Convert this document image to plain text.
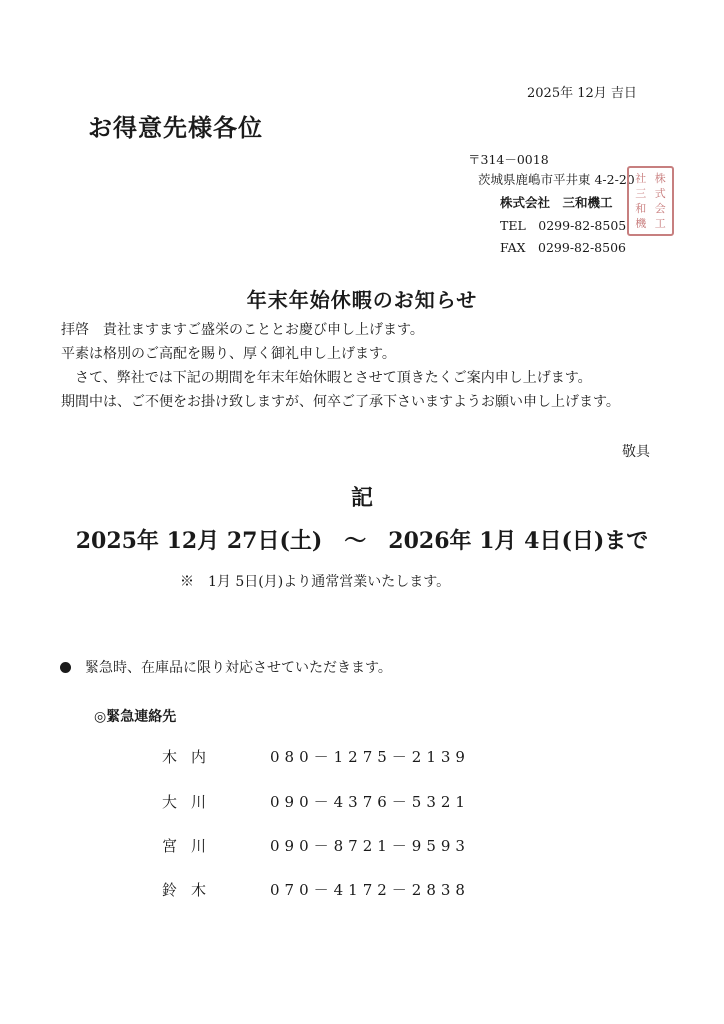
2025年 12月 吉日
お得意先様各位
〒314－0018
茨城県鹿嶋市平井東 4-2-20
株式会社　三和機工
TEL　0299-82-8505
FAX　0299-82-8506
社 株
三 式
和 会
機 工
年末年始休暇のお知らせ

拝啓　貴社ますますご盛栄のこととお慶び申し上げます。

平素は格別のご高配を賜り、厚く御礼申し上げます。

さて、弊社では下記の期間を年末年始休暇とさせて頂きたくご案内申し上げます。

期間中は、ご不便をお掛け致しますが、何卒ご了承下さいますようお願い申し上げます。

敬具
記
2025年 12月 27日(土)　～　2026年 1月 4日(日)まで
※　1月 5日(月)より通常営業いたします。
緊急時、在庫品に限り対応させていただきます。
◎緊急連絡先
木内	080－1275－2139
大川	090－4376－5321
宮川	090－8721－9593
鈴木	070－4172－2838
